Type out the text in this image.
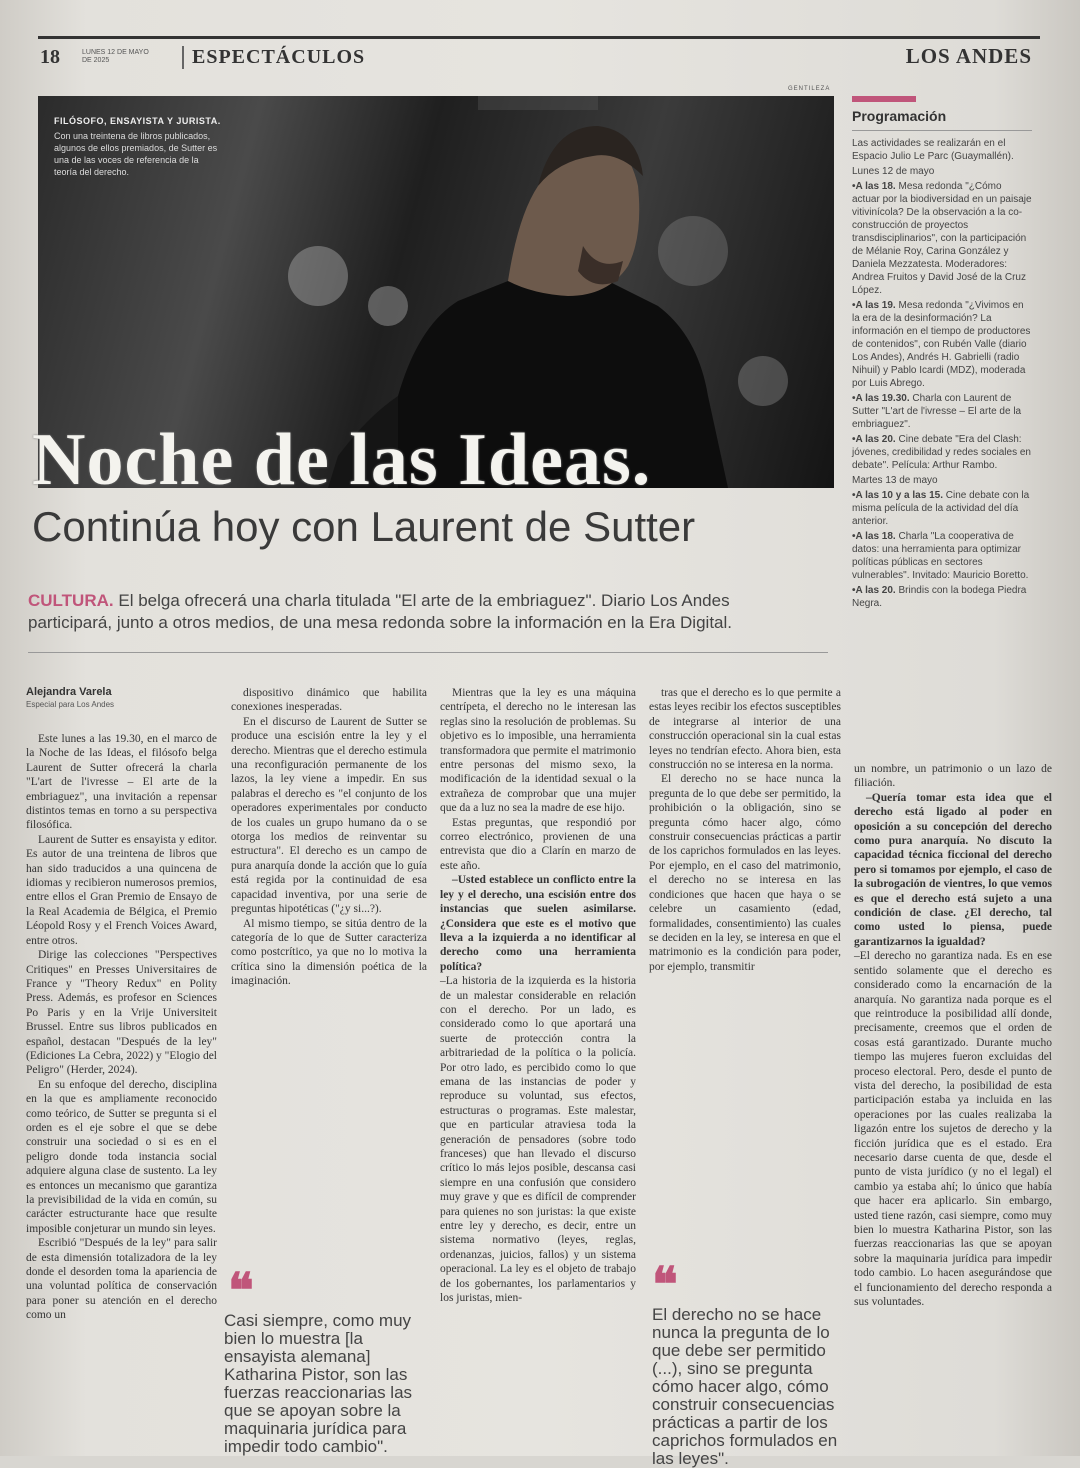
18	LUNES 12 DE MAYO DE 2025	ESPECTÁCULOS	LOS ANDES
GENTILEZA
FILÓSOFO, ENSAYISTA Y JURISTA.
Con una treintena de libros publicados, algunos de ellos premiados, de Sutter es una de las voces de referencia de la teoría del derecho.
Noche de las Ideas.
Continúa hoy con Laurent de Sutter
CULTURA. El belga ofrecerá una charla titulada "El arte de la embriaguez". Diario Los Andes participará, junto a otros medios, de una mesa redonda sobre la información en la Era Digital.
Programación
Las actividades se realizarán en el Espacio Julio Le Parc (Guaymallén).
Lunes 12 de mayo
•A las 18. Mesa redonda "¿Cómo actuar por la biodiversidad en un paisaje vitivinícola? De la observación a la co-construcción de proyectos transdisciplinarios", con la participación de Mélanie Roy, Carina González y Daniela Mezzatesta. Moderadores: Andrea Fruitos y David José de la Cruz López.
•A las 19. Mesa redonda "¿Vivimos en la era de la desinformación? La información en el tiempo de productores de contenidos", con Rubén Valle (diario Los Andes), Andrés H. Gabrielli (radio Nihuil) y Pablo Icardi (MDZ), moderada por Luis Abrego.
•A las 19.30. Charla con Laurent de Sutter "L'art de l'ivresse – El arte de la embriaguez".
•A las 20. Cine debate "Era del Clash: jóvenes, credibilidad y redes sociales en debate". Película: Arthur Rambo.
Martes 13 de mayo
•A las 10 y a las 15. Cine debate con la misma película de la actividad del día anterior.
•A las 18. Charla "La cooperativa de datos: una herramienta para optimizar políticas públicas en sectores vulnerables". Invitado: Mauricio Boretto.
•A las 20. Brindis con la bodega Piedra Negra.
Alejandra Varela
Especial para Los Andes

Este lunes a las 19.30, en el marco de la Noche de las Ideas, el filósofo belga Laurent de Sutter ofrecerá la charla "L'art de l'ivresse – El arte de la embriaguez", una invitación a repensar distintos temas en torno a su perspectiva filosófica.

Laurent de Sutter es ensayista y editor. Es autor de una treintena de libros que han sido traducidos a una quincena de idiomas y recibieron numerosos premios, entre ellos el Gran Premio de Ensayo de la Real Academia de Bélgica, el Premio Léopold Rosy y el French Voices Award, entre otros.

Dirige las colecciones "Perspectives Critiques" en Presses Universitaires de France y "Theory Redux" en Polity Press. Además, es profesor en Sciences Po Paris y en la Vrije Universiteit Brussel. Entre sus libros publicados en español, destacan "Después de la ley" (Ediciones La Cebra, 2022) y "Elogio del Peligro" (Herder, 2024).

En su enfoque del derecho, disciplina en la que es ampliamente reconocido como teórico, de Sutter se pregunta si el orden es el eje sobre el que se debe construir una sociedad o si es en el peligro donde toda instancia social adquiere alguna clase de sustento. La ley es entonces un mecanismo que garantiza la previsibilidad de la vida en común, su carácter estructurante hace que resulte imposible conjeturar un mundo sin leyes.

Escribió "Después de la ley" para salir de esta dimensión totalizadora de la ley donde el desorden toma la apariencia de una voluntad política de conservación para poner su atención en el derecho como un

dispositivo dinámico que habilita conexiones inesperadas.

En el discurso de Laurent de Sutter se produce una escisión entre la ley y el derecho. Mientras que el derecho estimula una reconfiguración permanente de los lazos, la ley viene a impedir. En sus palabras el derecho es "el conjunto de los operadores experimentales por conducto de los cuales un grupo humano da o se otorga los medios de reinventar su estructura". El derecho es un campo de pura anarquía donde la acción que lo guía está regida por la continuidad de esa capacidad inventiva, por una serie de preguntas hipotéticas ("¿y si...?).

Al mismo tiempo, se sitúa dentro de la categoría de lo que de Sutter caracteriza como postcrítico, ya que no lo motiva la crítica sino la dimensión poética de la imaginación.

Mientras que la ley es una máquina centrípeta, el derecho no le interesan las reglas sino la resolución de problemas. Su objetivo es lo imposible, una herramienta transformadora que permite el matrimonio entre personas del mismo sexo, la modificación de la identidad sexual o la extrañeza de comprobar que una mujer que da a luz no sea la madre de ese hijo.

Estas preguntas, que respondió por correo electrónico, provienen de una entrevista que dio a Clarín en marzo de este año.

–Usted establece un conflicto entre la ley y el derecho, una escisión entre dos instancias que suelen asimilarse. ¿Considera que este es el motivo que lleva a la izquierda a no identificar al derecho como una herramienta política?

–La historia de la izquierda es la historia de un malestar considerable en relación con el derecho. Por un lado, es considerado como lo que aportará una suerte de protección contra la arbitrariedad de la política o la policía. Por otro lado, es percibido como lo que emana de las instancias de poder y reproduce su voluntad, sus efectos, estructuras o programas. Este malestar, que en particular atraviesa toda la generación de pensadores (sobre todo franceses) que han llevado el discurso crítico lo más lejos posible, descansa casi siempre en una confusión que considero muy grave y que es difícil de comprender para quienes no son juristas: la que existe entre ley y derecho, es decir, entre un sistema normativo (leyes, reglas, ordenanzas, juicios, fallos) y un sistema operacional. La ley es el objeto de trabajo de los gobernantes, los parlamentarios y los juristas, mien-

tras que el derecho es lo que permite a estas leyes recibir los efectos susceptibles de integrarse al interior de una construcción operacional sin la cual estas leyes no tendrían efecto. Ahora bien, esta construcción no se interesa en la norma.

El derecho no se hace nunca la pregunta de lo que debe ser permitido, la prohibición o la obligación, sino se pregunta cómo hacer algo, cómo construir consecuencias prácticas a partir de los caprichos formulados en las leyes. Por ejemplo, en el caso del matrimonio, el derecho no se interesa en las condiciones que hacen que haya o se celebre un casamiento (edad, formalidades, consentimiento) las cuales se deciden en la ley, se interesa en que el matrimonio es la condición para poder, por ejemplo, transmitir

un nombre, un patrimonio o un lazo de filiación.

–Quería tomar esta idea que el derecho está ligado al poder en oposición a su concepción del derecho como pura anarquía. No discuto la capacidad técnica ficcional del derecho pero si tomamos por ejemplo, el caso de la subrogación de vientres, lo que vemos es que el derecho está sujeto a una condición de clase. ¿El derecho, tal como usted lo piensa, puede garantizarnos la igualdad?

–El derecho no garantiza nada. Es en ese sentido solamente que el derecho es considerado como la encarnación de la anarquía. No garantiza nada porque es el que reintroduce la posibilidad allí donde, precisamente, creemos que el orden de cosas está garantizado. Durante mucho tiempo las mujeres fueron excluidas del proceso electoral. Pero, desde el punto de vista del derecho, la posibilidad de esta participación estaba ya incluida en las operaciones por las cuales realizaba la ligazón entre los sujetos de derecho y la ficción jurídica que es el estado. Era necesario darse cuenta de que, desde el punto de vista jurídico (y no el legal) el cambio ya estaba ahí; lo único que había que hacer era aplicarlo. Sin embargo, usted tiene razón, casi siempre, como muy bien lo muestra Katharina Pistor, son las fuerzas reaccionarias las que se apoyan sobre la maquinaria jurídica para impedir todo cambio. Lo hacen asegurándose que el funcionamiento del derecho responda a sus voluntades.

❝
Casi siempre, como muy bien lo muestra [la ensayista alemana] Katharina Pistor, son las fuerzas reaccionarias las que se apoyan sobre la maquinaria jurídica para impedir todo cambio".
❝
El derecho no se hace nunca la pregunta de lo que debe ser permitido (...), sino se pregunta cómo hacer algo, cómo construir consecuencias prácticas a partir de los caprichos formulados en las leyes".
